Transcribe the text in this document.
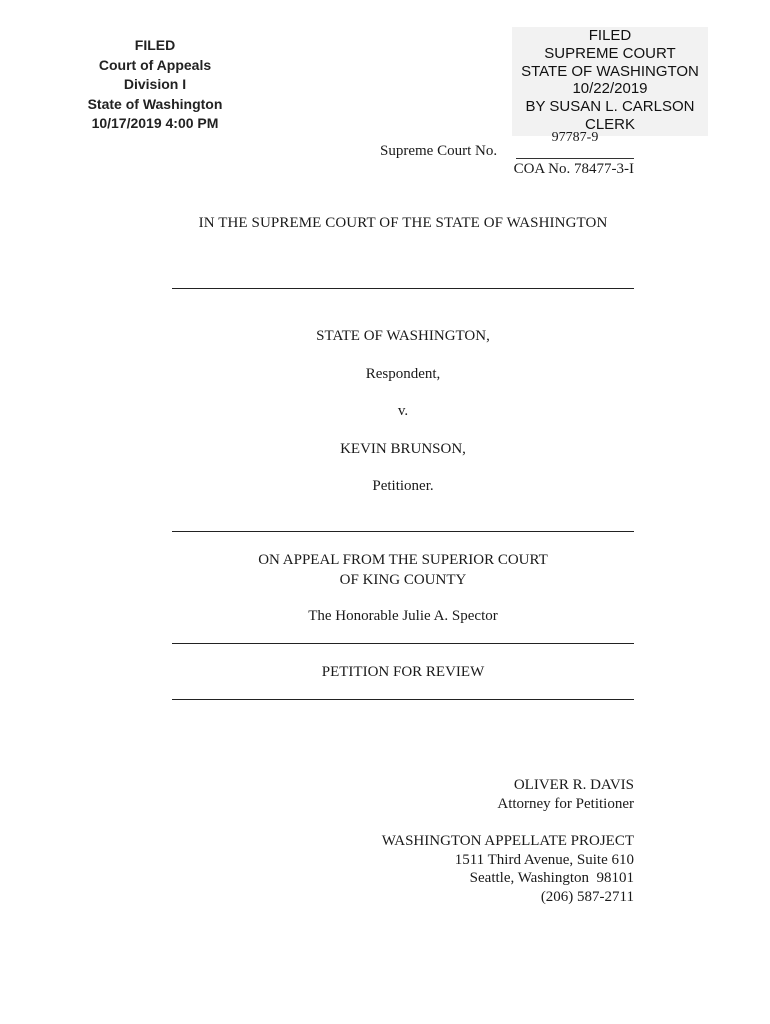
FILED
Court of Appeals
Division I
State of Washington
10/17/2019 4:00 PM
FILED
SUPREME COURT
STATE OF WASHINGTON
10/22/2019
BY SUSAN L. CARLSON
CLERK
Supreme Court No.
97787-9
COA No. 78477-3-I
IN THE SUPREME COURT OF THE STATE OF WASHINGTON
STATE OF WASHINGTON,
Respondent,
v.
KEVIN BRUNSON,
Petitioner.
ON APPEAL FROM THE SUPERIOR COURT
OF KING COUNTY
The Honorable Julie A. Spector
PETITION FOR REVIEW
OLIVER R. DAVIS
Attorney for Petitioner
WASHINGTON APPELLATE PROJECT
1511 Third Avenue, Suite 610
Seattle, Washington  98101
(206) 587-2711
